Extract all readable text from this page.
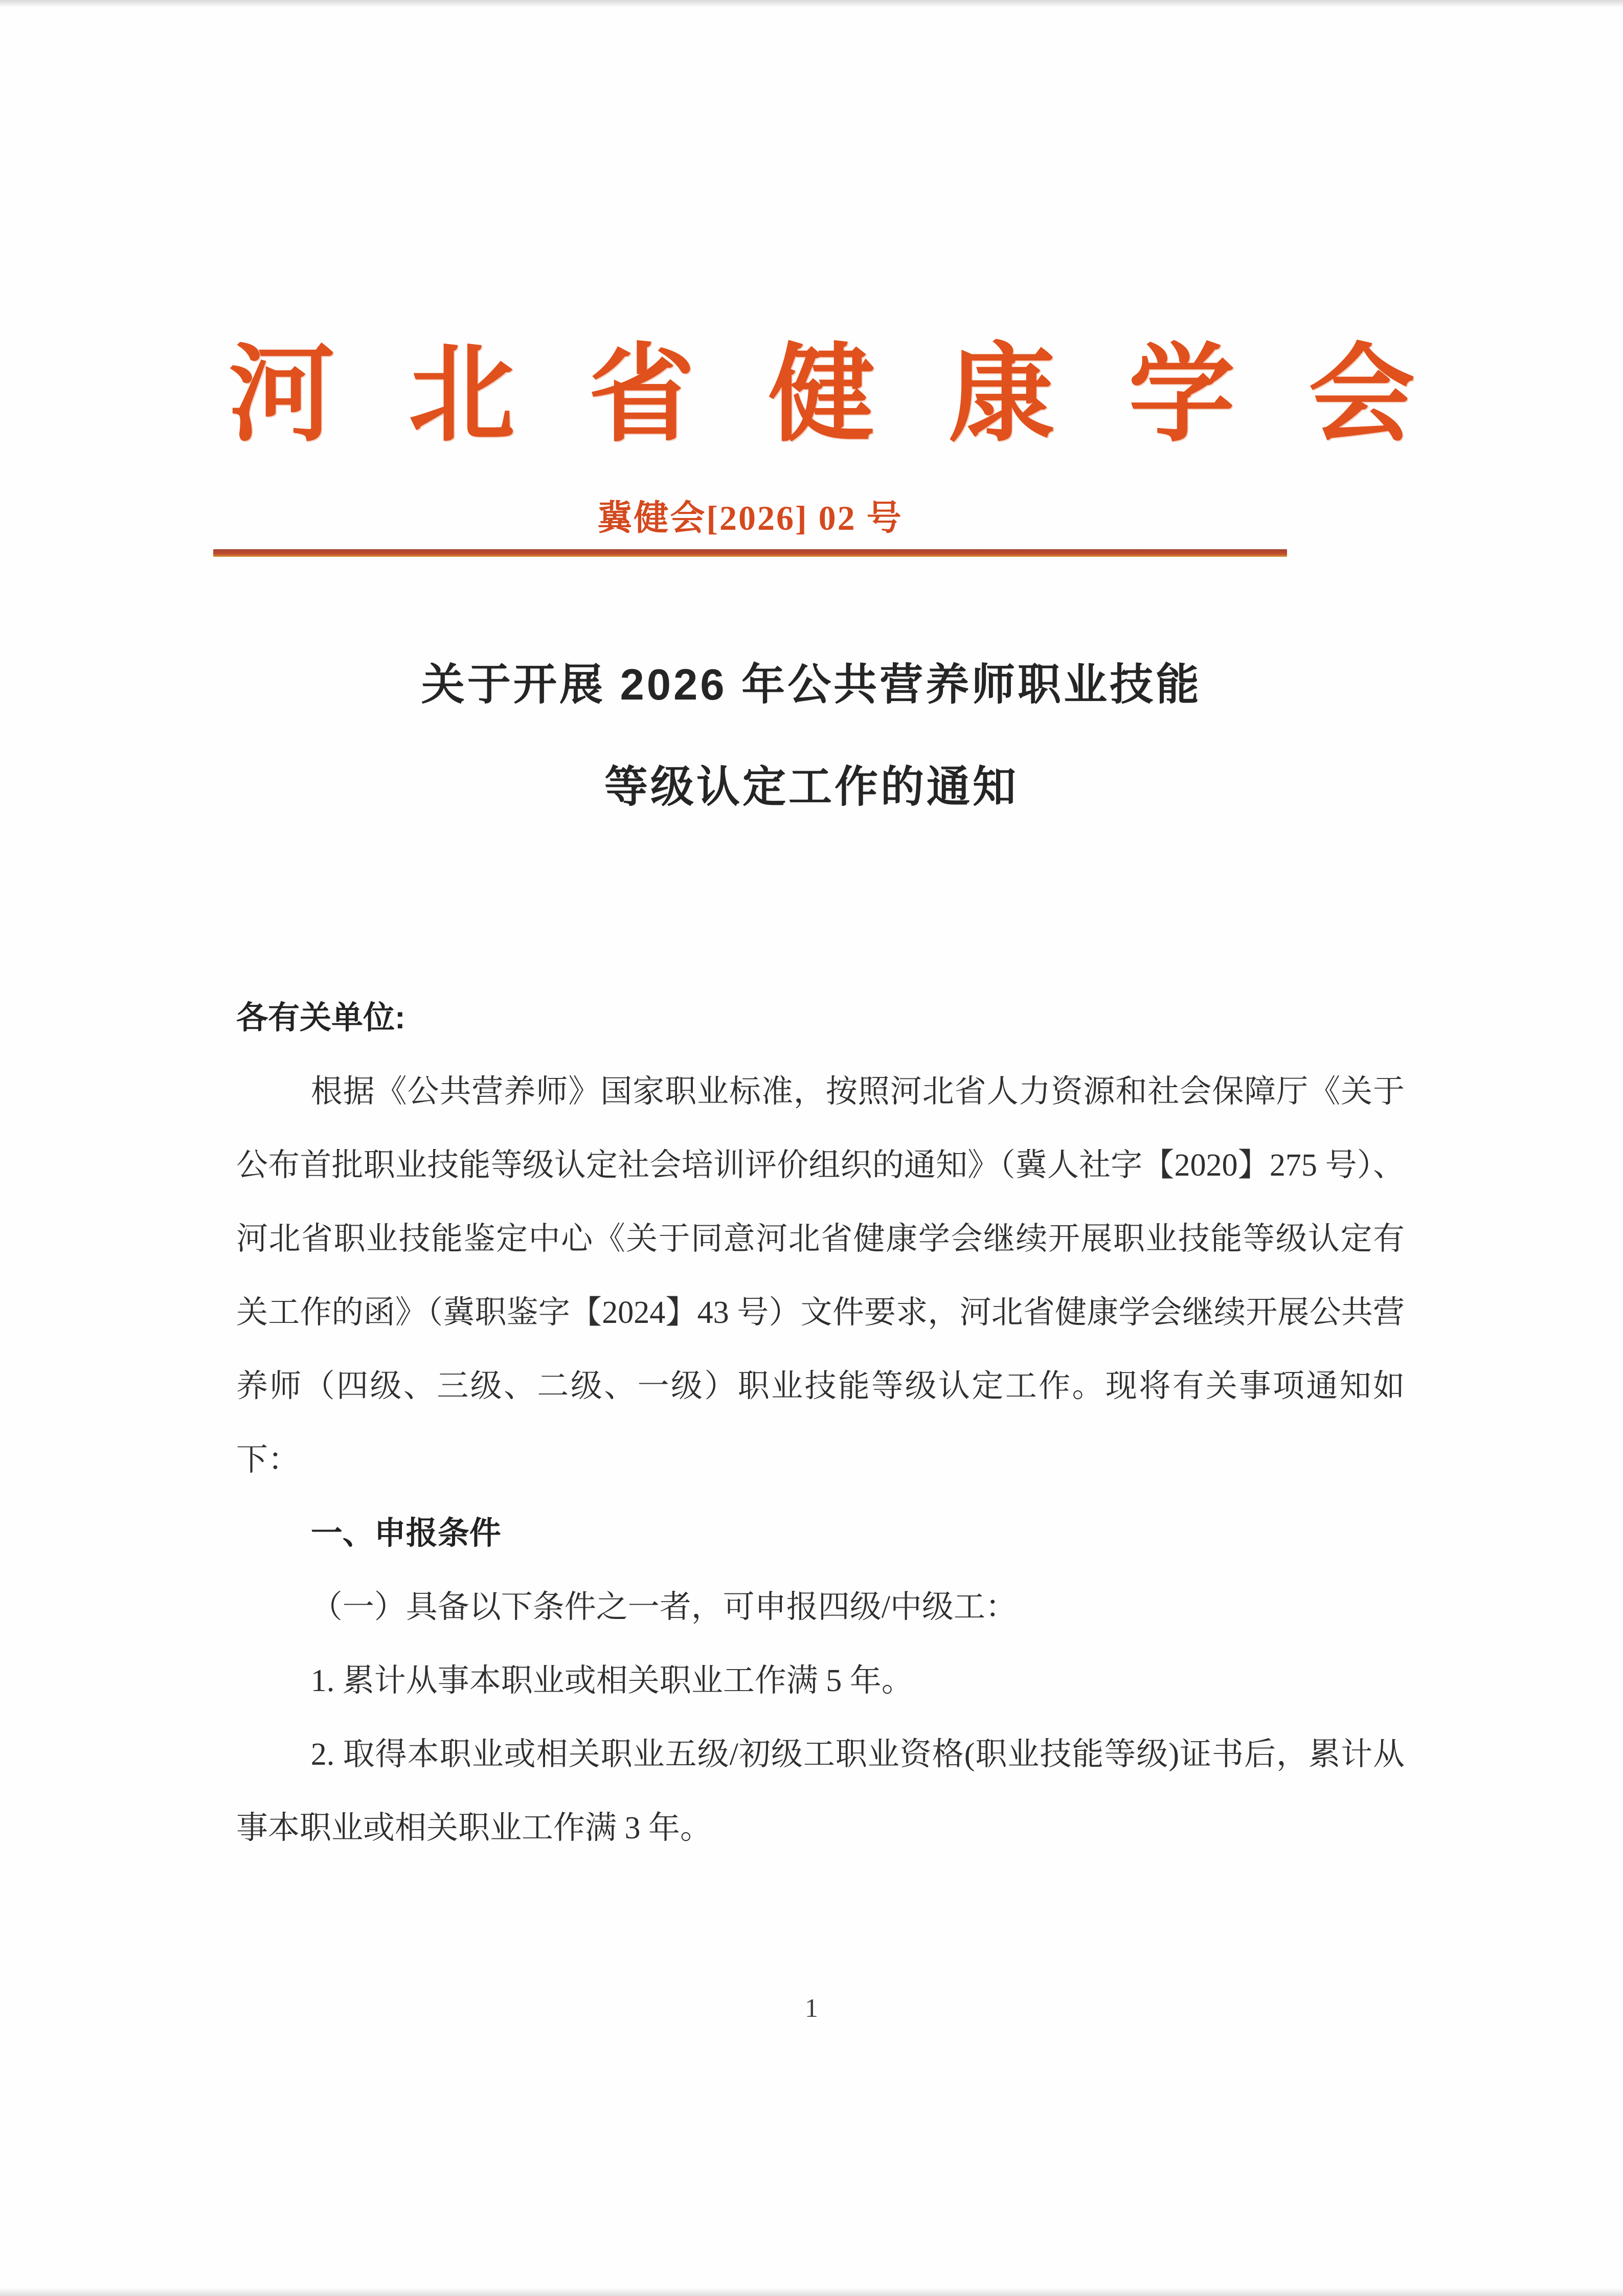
河 北 省 健 康 学 会
冀健会[2026] 02 号
关于开展 2026 年公共营养师职业技能
等级认定工作的通知

各有关单位:

根据《公共营养师》国家职业标准，按照河北省人力资源和社会保障厅《关于公布首批职业技能等级认定社会培训评价组织的通知》（冀人社字【2020】275 号）、河北省职业技能鉴定中心《关于同意河北省健康学会继续开展职业技能等级认定有关工作的函》（冀职鉴字【2024】43 号）文件要求，河北省健康学会继续开展公共营养师（四级、三级、二级、一级）职业技能等级认定工作。现将有关事项通知如下：

一、申报条件

（一）具备以下条件之一者，可申报四级/中级工：

1. 累计从事本职业或相关职业工作满 5 年。

2. 取得本职业或相关职业五级/初级工职业资格(职业技能等级)证书后，累计从事本职业或相关职业工作满 3 年。

1
